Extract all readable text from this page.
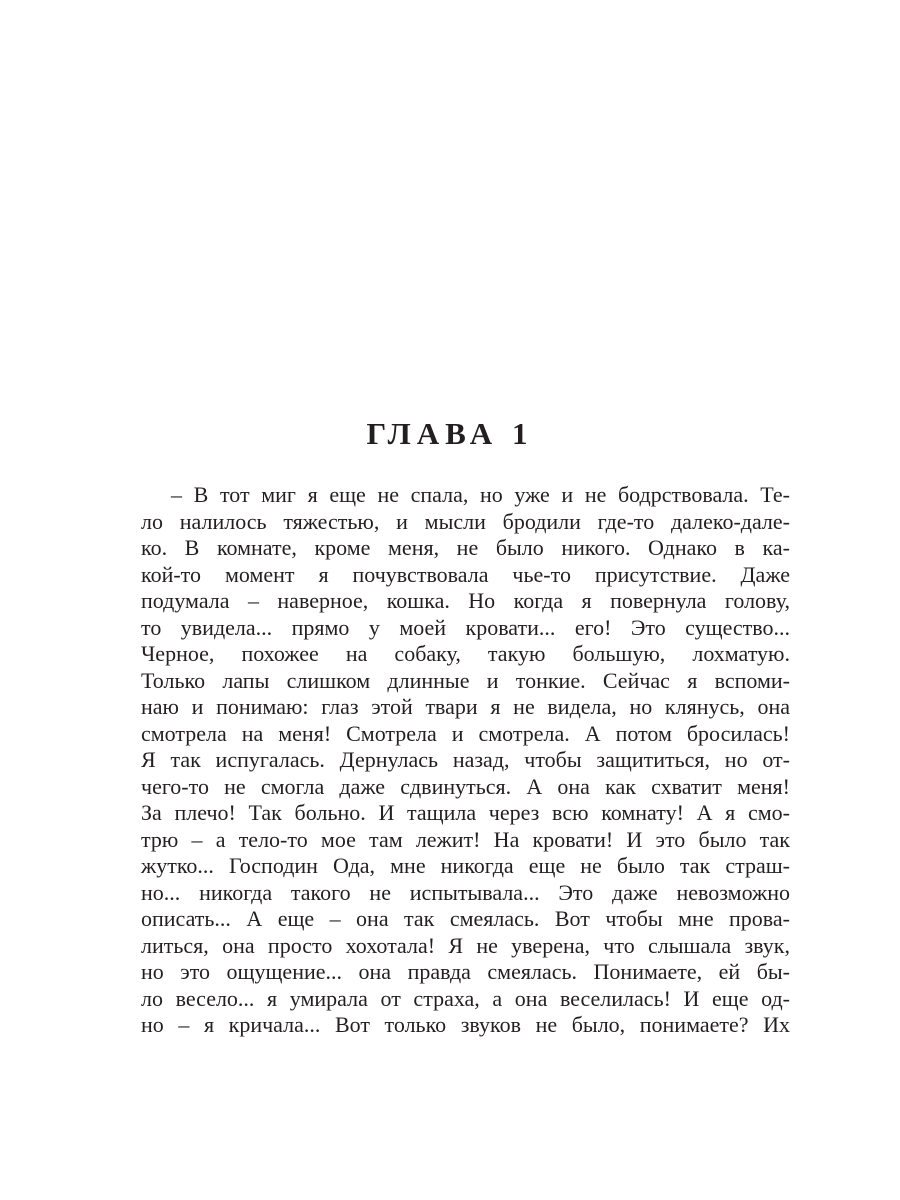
ГЛАВА 1
– В тот миг я еще не спала, но уже и не бодрствовала. Те-
ло налилось тяжестью, и мысли бродили где-то далеко-дале-
ко. В комнате, кроме меня, не было никого. Однако в ка-
кой-то момент я почувствовала чье-то присутствие. Даже
подумала – наверное, кошка. Но когда я повернула голову,
то увидела... прямо у моей кровати... его! Это существо...
Черное, похожее на собаку, такую большую, лохматую.
Только лапы слишком длинные и тонкие. Сейчас я вспоми-
наю и понимаю: глаз этой твари я не видела, но клянусь, она
смотрела на меня! Смотрела и смотрела. А потом бросилась!
Я так испугалась. Дернулась назад, чтобы защититься, но от-
чего-то не смогла даже сдвинуться. А она как схватит меня!
За плечо! Так больно. И тащила через всю комнату! А я смо-
трю – а тело-то мое там лежит! На кровати! И это было так
жутко... Господин Ода, мне никогда еще не было так страш-
но... никогда такого не испытывала... Это даже невозможно
описать... А еще – она так смеялась. Вот чтобы мне прова-
литься, она просто хохотала! Я не уверена, что слышала звук,
но это ощущение... она правда смеялась. Понимаете, ей бы-
ло весело... я умирала от страха, а она веселилась! И еще од-
но – я кричала... Вот только звуков не было, понимаете? Их
